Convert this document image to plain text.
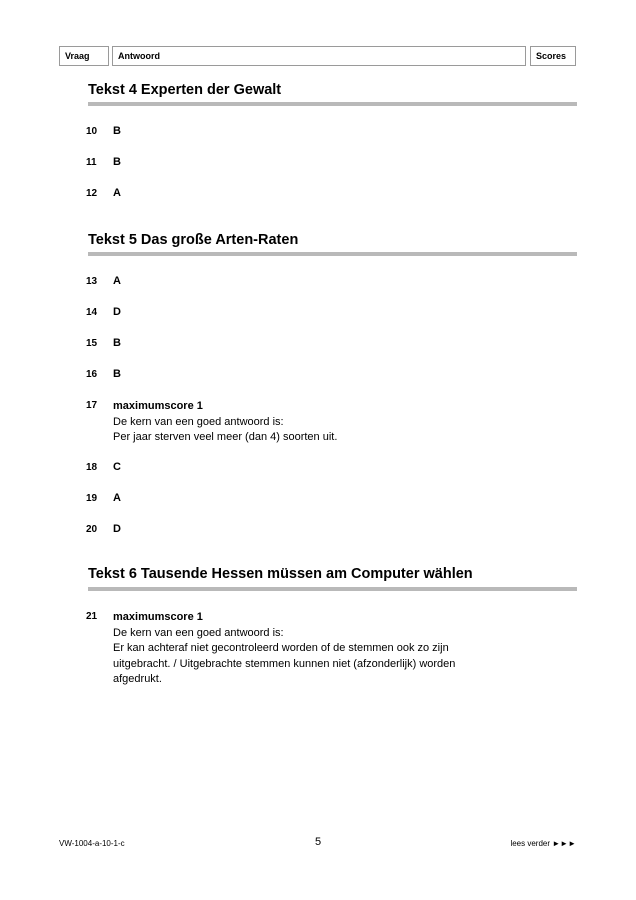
Vraag	Antwoord	Scores
Tekst 4 Experten der Gewalt
10 B
11 B
12 A
Tekst 5 Das große Arten-Raten
13 A
14 D
15 B
16 B
17 maximumscore 1
De kern van een goed antwoord is:
Per jaar sterven veel meer (dan 4) soorten uit.
18 C
19 A
20 D
Tekst 6 Tausende Hessen müssen am Computer wählen
21 maximumscore 1
De kern van een goed antwoord is:
Er kan achteraf niet gecontroleerd worden of de stemmen ook zo zijn
uitgebracht. / Uitgebrachte stemmen kunnen niet (afzonderlijk) worden
afgedrukt.
VW-1004-a-10-1-c	5	lees verder ►►►
